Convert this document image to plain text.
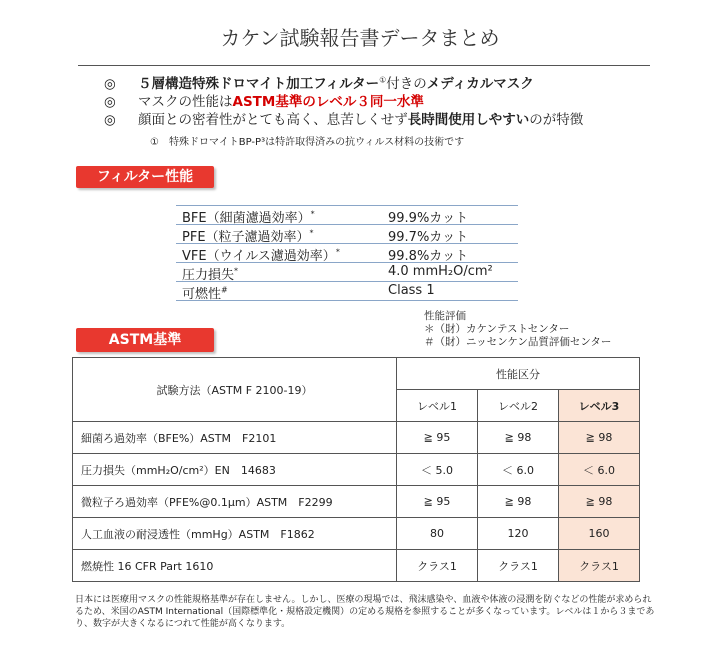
カケン試験報告書データまとめ
◎ ５層構造特殊ドロマイト加工フィルター①付きのメディカルマスク
◎ マスクの性能はASTM基準のレベル３同一水準
◎ 顔面との密着性がとても高く、息苦しくせず長時間使用しやすいのが特徴
①　特殊ドロマイトBP-P³は特許取得済みの抗ウィルス材料の技術です
フィルター性能
BFE（細菌濾過効率）*	99.9%カット
PFE（粒子濾過効率）*	99.7%カット
VFE（ウイルス濾過効率）*	99.8%カット
圧力損失*	4.0 mmH₂O/cm²
可燃性#	Class 1
性能評価
＊（財）カケンテストセンター
＃（財）ニッセンケン品質評価センター
ASTM基準
試験方法（ASTM F 2100-19）	性能区分		
	レベル1	レベル2	レベル3
細菌ろ過効率（BFE%）ASTM　F2101	≧ 95	≧ 98	≧ 98
圧力損失（mmH₂O/cm²）EN　14683	＜ 5.0	＜ 6.0	＜ 6.0
微粒子ろ過効率（PFE%@0.1μm）ASTM　F2299	≧ 95	≧ 98	≧ 98
人工血液の耐浸透性（mmHg）ASTM　F1862	80	120	160
燃焼性 16 CFR Part 1610	クラス1	クラス1	クラス1
日本には医療用マスクの性能規格基準が存在しません。しかし、医療の現場では、飛沫感染や、血液や体液の浸潤を防ぐなどの性能が求められるため、米国のASTM International（国際標準化・規格設定機関）の定める規格を参照することが多くなっています。レベルは１から３まであり、数字が大きくなるにつれて性能が高くなります。
